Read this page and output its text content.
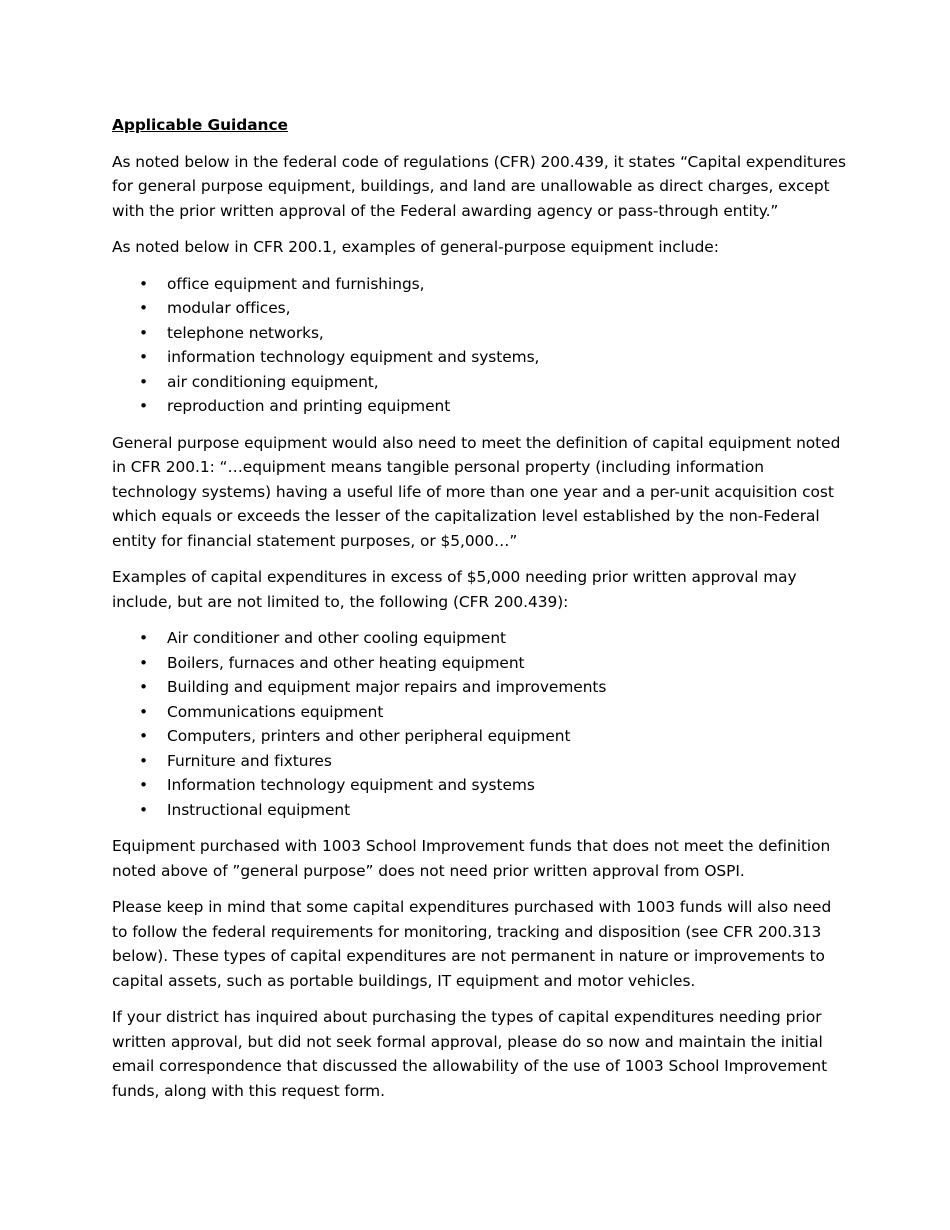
Applicable Guidance

As noted below in the federal code of regulations (CFR) 200.439, it states “Capital expenditures for general purpose equipment, buildings, and land are unallowable as direct charges, except with the prior written approval of the Federal awarding agency or pass-through entity.”

As noted below in CFR 200.1, examples of general-purpose equipment include:

• office equipment and furnishings,
• modular offices,
• telephone networks,
• information technology equipment and systems,
• air conditioning equipment,
• reproduction and printing equipment

General purpose equipment would also need to meet the definition of capital equipment noted in CFR 200.1: “…equipment means tangible personal property (including information technology systems) having a useful life of more than one year and a per-unit acquisition cost which equals or exceeds the lesser of the capitalization level established by the non-Federal entity for financial statement purposes, or $5,000…”

Examples of capital expenditures in excess of $5,000 needing prior written approval may include, but are not limited to, the following (CFR 200.439):

• Air conditioner and other cooling equipment
• Boilers, furnaces and other heating equipment
• Building and equipment major repairs and improvements
• Communications equipment
• Computers, printers and other peripheral equipment
• Furniture and fixtures
• Information technology equipment and systems
• Instructional equipment

Equipment purchased with 1003 School Improvement funds that does not meet the definition noted above of ”general purpose” does not need prior written approval from OSPI.

Please keep in mind that some capital expenditures purchased with 1003 funds will also need to follow the federal requirements for monitoring, tracking and disposition (see CFR 200.313 below). These types of capital expenditures are not permanent in nature or improvements to capital assets, such as portable buildings, IT equipment and motor vehicles.

If your district has inquired about purchasing the types of capital expenditures needing prior written approval, but did not seek formal approval, please do so now and maintain the initial email correspondence that discussed the allowability of the use of 1003 School Improvement funds, along with this request form.
